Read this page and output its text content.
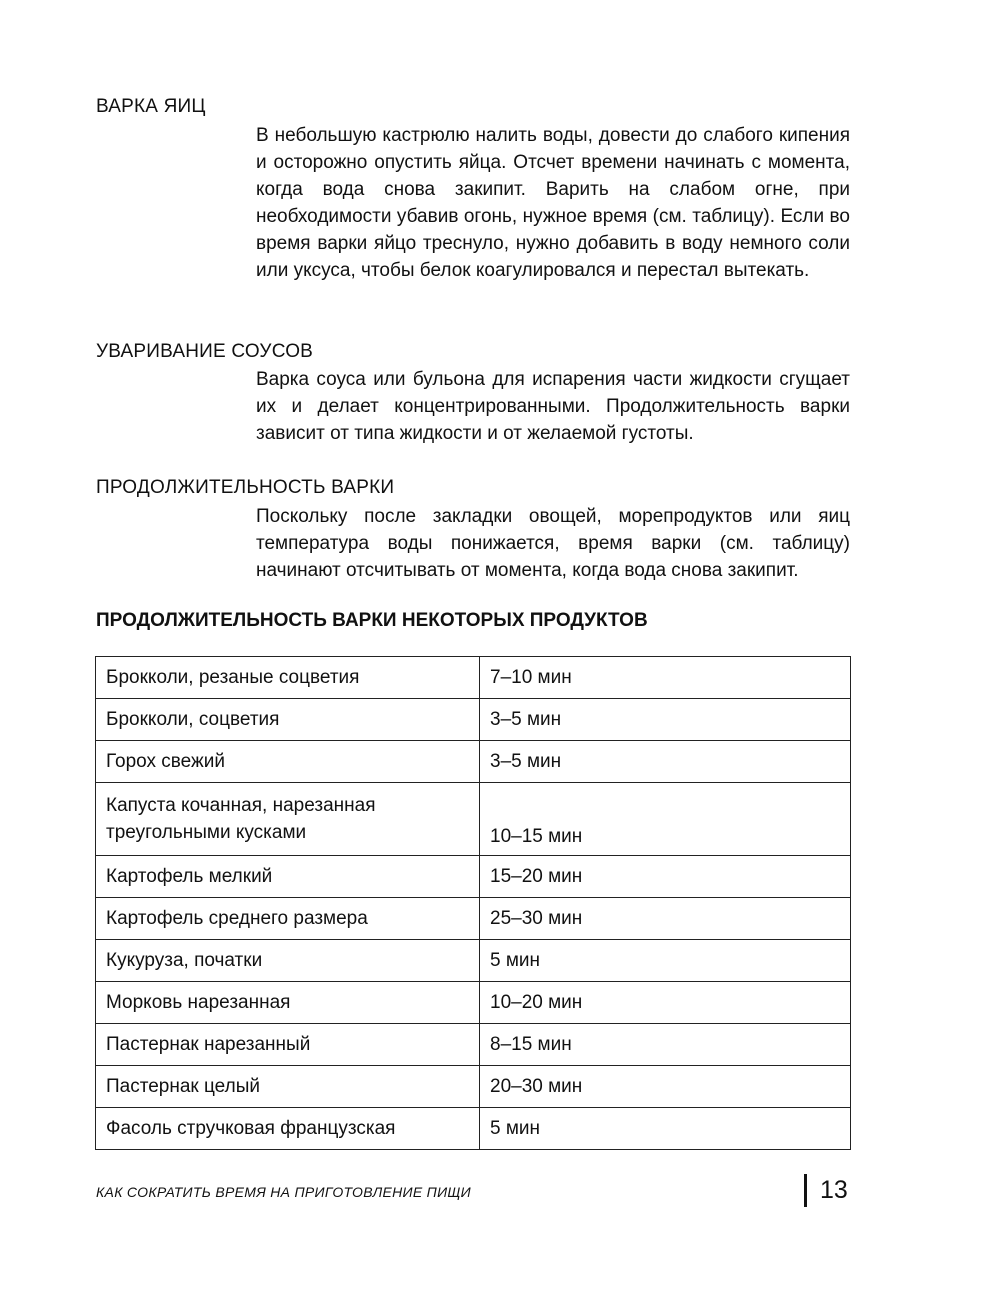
ВАРКА ЯИЦ

В небольшую кастрюлю налить воды, довести до слабого кипения и осторожно опустить яйца. Отсчет времени начинать с момента, когда вода снова закипит. Варить на слабом огне, при необходимости убавив огонь, нужное время (см. таблицу). Если во время варки яйцо треснуло, нужно добавить в воду немного соли или уксуса, чтобы белок коагулировался и перестал вытекать.

УВАРИВАНИЕ СОУСОВ

Варка соуса или бульона для испарения части жидкости сгущает их и делает концентрированными. Продолжительность варки зависит от типа жидкости и от желаемой густоты.

ПРОДОЛЖИТЕЛЬНОСТЬ ВАРКИ

Поскольку после закладки овощей, морепродуктов или яиц температура воды понижается, время варки (см. таблицу) начинают отсчитывать от момента, когда вода снова закипит.

ПРОДОЛЖИТЕЛЬНОСТЬ ВАРКИ НЕКОТОРЫХ ПРОДУКТОВ
Брокколи, резаные соцветия	7–10 мин
Брокколи, соцветия	3–5 мин
Горох свежий	3–5 мин
Капуста кочанная, нарезанная треугольными кусками	10–15 мин
Картофель мелкий	15–20 мин
Картофель среднего размера	25–30 мин
Кукуруза, початки	5 мин
Морковь нарезанная	10–20 мин
Пастернак нарезанный	8–15 мин
Пастернак целый	20–30 мин
Фасоль стручковая французская	5 мин
КАК СОКРАТИТЬ ВРЕМЯ НА ПРИГОТОВЛЕНИЕ ПИЩИ	13
